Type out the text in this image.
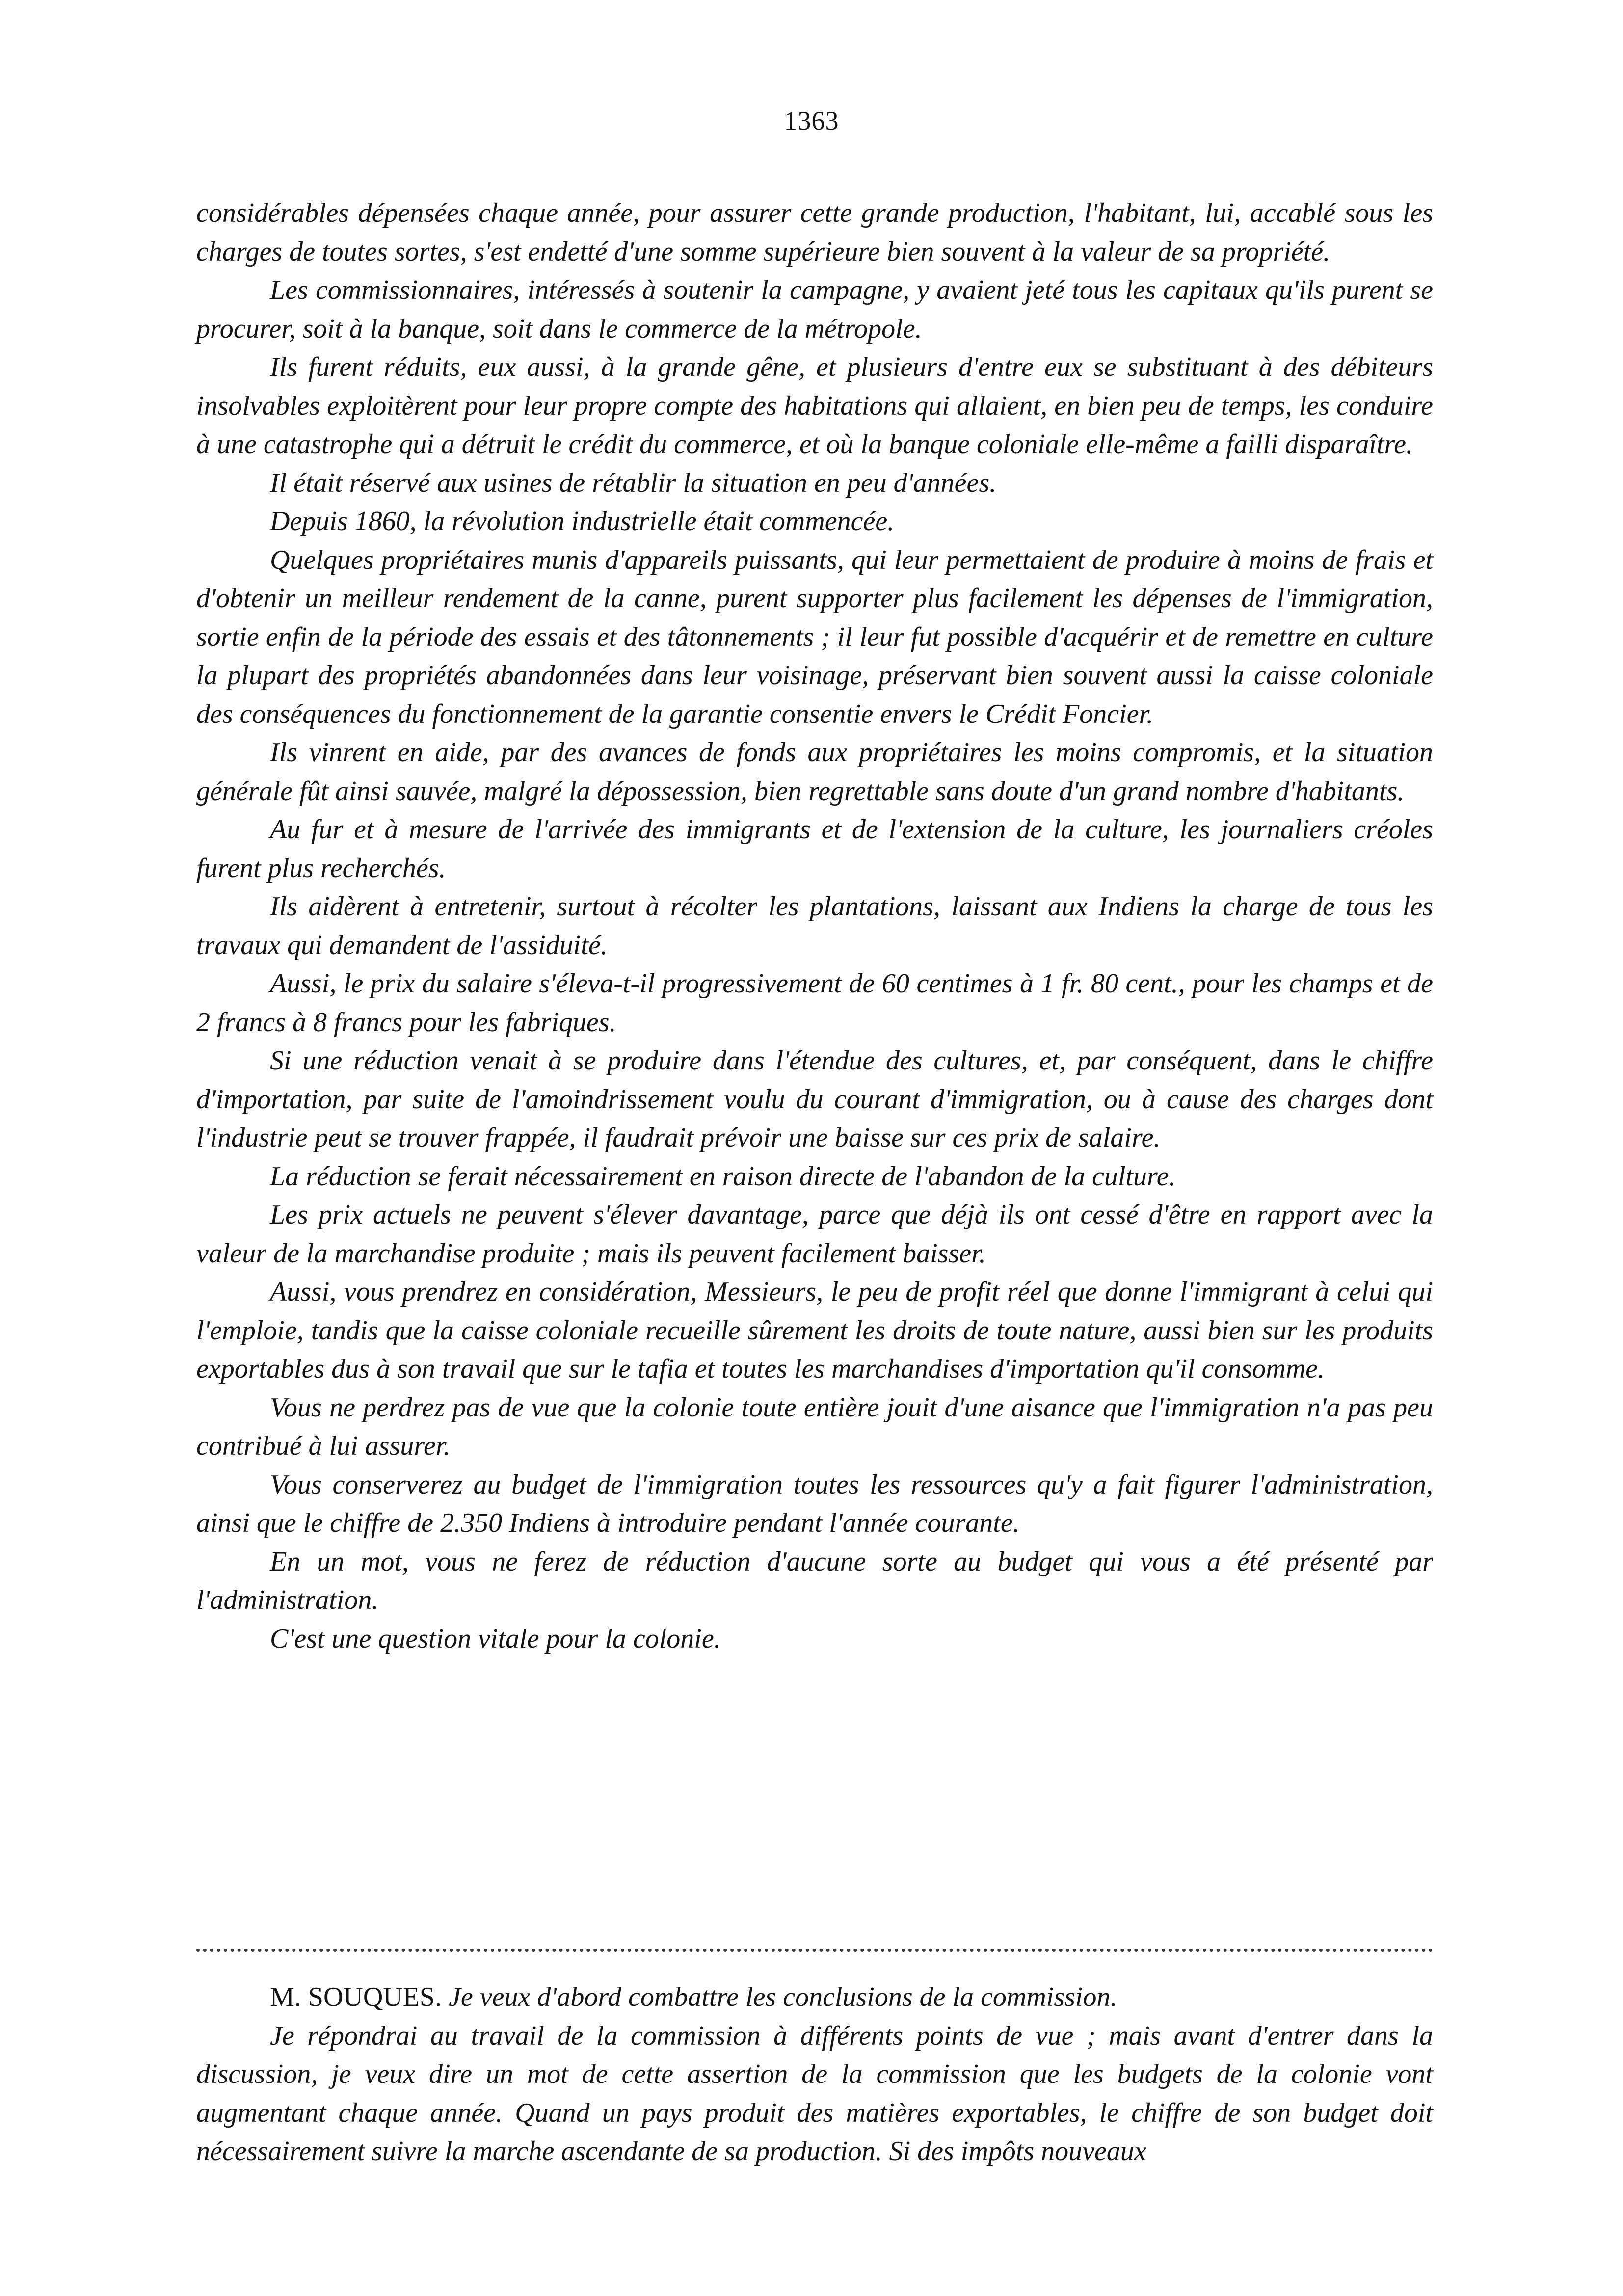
1363

considérables dépensées chaque année, pour assurer cette grande production, l'habitant, lui, accablé sous les charges de toutes sortes, s'est endetté d'une somme supérieure bien souvent à la valeur de sa propriété.

Les commissionnaires, intéressés à soutenir la campagne, y avaient jeté tous les capitaux qu'ils purent se procurer, soit à la banque, soit dans le commerce de la métropole.

Ils furent réduits, eux aussi, à la grande gêne, et plusieurs d'entre eux se substituant à des débiteurs insolvables exploitèrent pour leur propre compte des habitations qui allaient, en bien peu de temps, les conduire à une catastrophe qui a détruit le crédit du commerce, et où la banque coloniale elle-même a failli disparaître.

Il était réservé aux usines de rétablir la situation en peu d'années.

Depuis 1860, la révolution industrielle était commencée.

Quelques propriétaires munis d'appareils puissants, qui leur permettaient de produire à moins de frais et d'obtenir un meilleur rendement de la canne, purent supporter plus facilement les dépenses de l'immigration, sortie enfin de la période des essais et des tâtonnements ; il leur fut possible d'acquérir et de remettre en culture la plupart des propriétés abandonnées dans leur voisinage, préservant bien souvent aussi la caisse coloniale des conséquences du fonctionnement de la garantie consentie envers le Crédit Foncier.

Ils vinrent en aide, par des avances de fonds aux propriétaires les moins compromis, et la situation générale fût ainsi sauvée, malgré la dépossession, bien regrettable sans doute d'un grand nombre d'habitants.

Au fur et à mesure de l'arrivée des immigrants et de l'extension de la culture, les journaliers créoles furent plus recherchés.

Ils aidèrent à entretenir, surtout à récolter les plantations, laissant aux Indiens la charge de tous les travaux qui demandent de l'assiduité.

Aussi, le prix du salaire s'éleva-t-il progressivement de 60 centimes à 1 fr. 80 cent., pour les champs et de 2 francs à 8 francs pour les fabriques.

Si une réduction venait à se produire dans l'étendue des cultures, et, par conséquent, dans le chiffre d'importation, par suite de l'amoindrissement voulu du courant d'immigration, ou à cause des charges dont l'industrie peut se trouver frappée, il faudrait prévoir une baisse sur ces prix de salaire.

La réduction se ferait nécessairement en raison directe de l'abandon de la culture.

Les prix actuels ne peuvent s'élever davantage, parce que déjà ils ont cessé d'être en rapport avec la valeur de la marchandise produite ; mais ils peuvent facilement baisser.

Aussi, vous prendrez en considération, Messieurs, le peu de profit réel que donne l'immigrant à celui qui l'emploie, tandis que la caisse coloniale recueille sûrement les droits de toute nature, aussi bien sur les produits exportables dus à son travail que sur le tafia et toutes les marchandises d'importation qu'il consomme.

Vous ne perdrez pas de vue que la colonie toute entière jouit d'une aisance que l'immigration n'a pas peu contribué à lui assurer.

Vous conserverez au budget de l'immigration toutes les ressources qu'y a fait figurer l'administration, ainsi que le chiffre de 2.350 Indiens à introduire pendant l'année courante.

En un mot, vous ne ferez de réduction d'aucune sorte au budget qui vous a été présenté par l'administration.

C'est une question vitale pour la colonie.

M. SOUQUES. Je veux d'abord combattre les conclusions de la commission.

Je répondrai au travail de la commission à différents points de vue ; mais avant d'entrer dans la discussion, je veux dire un mot de cette assertion de la commission que les budgets de la colonie vont augmentant chaque année. Quand un pays produit des matières exportables, le chiffre de son budget doit nécessairement suivre la marche ascendante de sa production. Si des impôts nouveaux
